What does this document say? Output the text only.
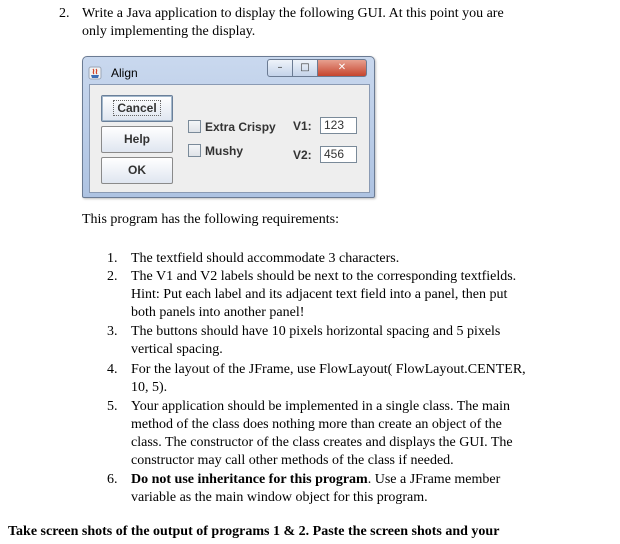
2. Write a Java application to display the following GUI. At this point you are
only implementing the display.
Align	–	□	✕
Cancel
Help
OK
Extra Crispy
Mushy
V1:	123
V2:	456
This program has the following requirements:
1. The textfield should accommodate 3 characters.
2. The V1 and V2 labels should be next to the corresponding textfields.
Hint: Put each label and its adjacent text field into a panel, then put
both panels into another panel!
3. The buttons should have 10 pixels horizontal spacing and 5 pixels
vertical spacing.
4. For the layout of the JFrame, use FlowLayout( FlowLayout.CENTER,
10, 5).
5. Your application should be implemented in a single class. The main
method of the class does nothing more than create an object of the
class. The constructor of the class creates and displays the GUI. The
constructor may call other methods of the class if needed.
6. Do not use inheritance for this program. Use a JFrame member
variable as the main window object for this program.
Take screen shots of the output of programs 1 & 2. Paste the screen shots and your
